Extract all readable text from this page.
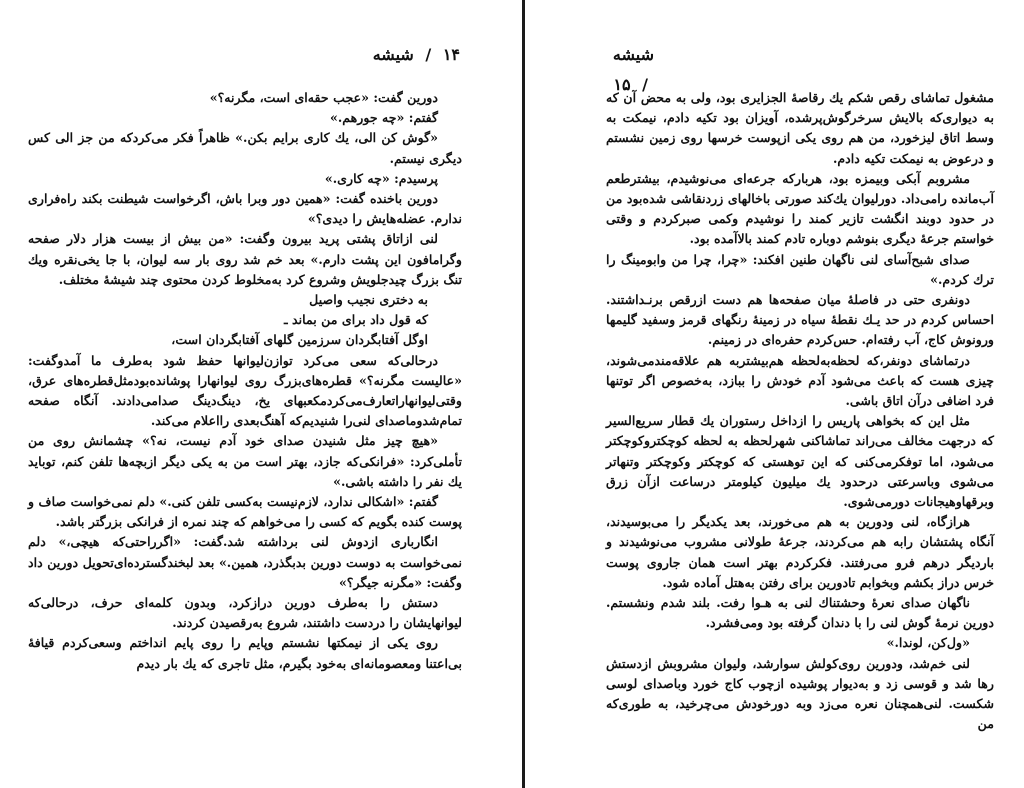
۱۴ / شیشه

دورین گفت: «عجب حقه‌ای است، مگرنه؟»

گفتم: «چه جورهم.»

«گوش کن الی، یك کاری برایم بکن.» ظاهراً فکر می‌کردکه من جز الی کس دیگری نیستم.

پرسیدم: «چه کاری.»

دورین باخنده گفت: «همین دور وبرا باش، اگرخواست شیطنت بکند راه‌فراری ندارم. عضله‌هایش را دیدی؟»

لنی ازاتاق پشتی پرید بیرون وگفت: «من بیش از بیست هزار دلار صفحه وگرامافون این پشت دارم.» بعد خم شد روی بار سه لیوان، با جا یخی‌نقره ویك تنگ بزرگ چیدجلویش وشروع کرد به‌مخلوط کردن محتوی چند شیشهٔ مختلف.

به دختری نجیب واصیل

که قول داد برای من بماند ـ

اوگل آفتابگردان سرزمین گلهای آفتابگردان است،

درحالی‌که سعی می‌کرد توازن‌لیوانها حفظ شود به‌طرف ما آمدوگفت: «عالیست مگرنه؟» قطره‌های‌بزرگ روی لیوانهارا پوشانده‌بودمثل‌قطره‌های عرق، وقتی‌لیوانهاراتعارف‌می‌کردمکعبهای یخ، دینگ‌دینگ صدامی‌دادند. آنگاه صفحه تمام‌شدوماصدای لنی‌را شنیدیم‌که آهنگ‌بعدی رااعلام می‌کند.

«هیچ چیز مثل شنیدن صدای خود آدم نیست، نه؟» چشمانش روی من تأملی‌کرد: «فرانکی‌که جازد، بهتر است من به یکی دیگر ازبچه‌ها تلفن کنم، توباید یك نفر را داشته باشی.»

گفتم: «اشکالی ندارد، لازم‌نیست به‌کسی تلفن کنی.» دلم نمی‌خواست صاف و پوست کنده بگویم که کسی را می‌خواهم که چند نمره از فرانکی بزرگتر باشد.

انگارباری ازدوش لنی برداشته شد.گفت: «اگرراحتی‌که هیچی،» دلم نمی‌خواست به دوست دورین بدبگذرد، همین.» بعد لبخندگسترده‌ای‌تحویل دورین داد وگفت: «مگرنه جیگر؟»

دستش را به‌طرف دورین درازکرد، وبدون کلمه‌ای حرف، درحالی‌که لیوانهایشان را دردست داشتند، شروع به‌رقصیدن کردند.

روی یکی از نیمکتها نشستم وپایم را روی پایم انداختم وسعی‌کردم قیافهٔ بی‌اعتنا ومعصومانه‌ای به‌خود بگیرم، مثل تاجری که یك بار دیدم

شیشه / ۱۵

مشغول تماشای رقص شکم یك رقاصهٔ الجزایری بود، ولی به محض آن که به دیواری‌که بالایش سرخرگوش‌پرشده، آویزان بود تکیه دادم، نیمکت به وسط اتاق لیزخورد، من هم روی یکی ازپوست خرسها روی زمین نشستم و درعوض به نیمکت تکیه دادم.

مشروبم آبکی وبیمزه بود، هربارکه جرعه‌ای می‌نوشیدم، بیشترطعم آب‌مانده رامی‌داد. دورلیوان یك‌کند صورتی باخالهای زردنقاشی شده‌بود من در حدود دوبند انگشت تازیر کمند را نوشیدم وکمی صبرکردم و وقتی خواستم جرعهٔ دیگری بنوشم دوباره تادم کمند بالاآمده بود.

صدای شبح‌آسای لنی ناگهان طنین افکند: «چرا، چرا من وابومینگ را ترك کردم.»

دونفری حتی در فاصلهٔ میان صفحه‌ها هم دست ازرقص برنـداشتند. احساس کردم در حد یـك نقطهٔ سیاه در زمینهٔ رنگهای قرمز وسفید گلیمها ورونوش کاج، آب رفته‌ام. حس‌کردم حفره‌ای در زمینم.

درتماشای دونفر،که لحظه‌به‌لحظه هم‌بیشتربه هم علاقه‌مندمی‌شوند، چیزی هست که باعث می‌شود آدم خودش را ببازد، به‌خصوص اگر توتنها فرد اضافی درآن اتاق باشی.

مثل این که بخواهی پاریس را ازداخل رستوران یك قطار سریع‌السیر که درجهت مخالف می‌راند تماشاکنی شهرلحظه به لحظه کوچکتروکوچکتر می‌شود، اما توفکرمی‌کنی که این توهستی که کوچکتر وکوچکتر وتنهاتر می‌شوی وباسرعتی درحدود یك میلیون کیلومتر درساعت ازآن زرق وبرقهاوهیجانات دورمی‌شوی.

هرازگاه، لنی ودورین به هم می‌خورند، بعد یکدیگر را می‌بوسیدند، آنگاه پشتشان رابه هم می‌کردند، جرعهٔ طولانی مشروب می‌نوشیدند و باردیگر درهم فرو می‌رفتند. فکرکردم بهتر است همان جاروی پوست خرس دراز بکشم وبخوابم تادورین برای رفتن به‌هتل آماده شود.

ناگهان صدای نعرهٔ وحشتناك لنی به هـوا رفت. بلند شدم ونشستم. دورین نرمهٔ گوش لنی را با دندان گرفته بود ومی‌فشرد.

«ول‌کن، لوندا.»

لنی خم‌شد، ودورین روی‌کولش سوارشد، ولیوان مشروبش ازدستش رها شد و قوسی زد و به‌دیوار پوشیده ازچوب کاج خورد وباصدای لوسی شکست. لنی‌همچنان نعره می‌زد وبه دورخودش می‌چرخید، به طوری‌که من
